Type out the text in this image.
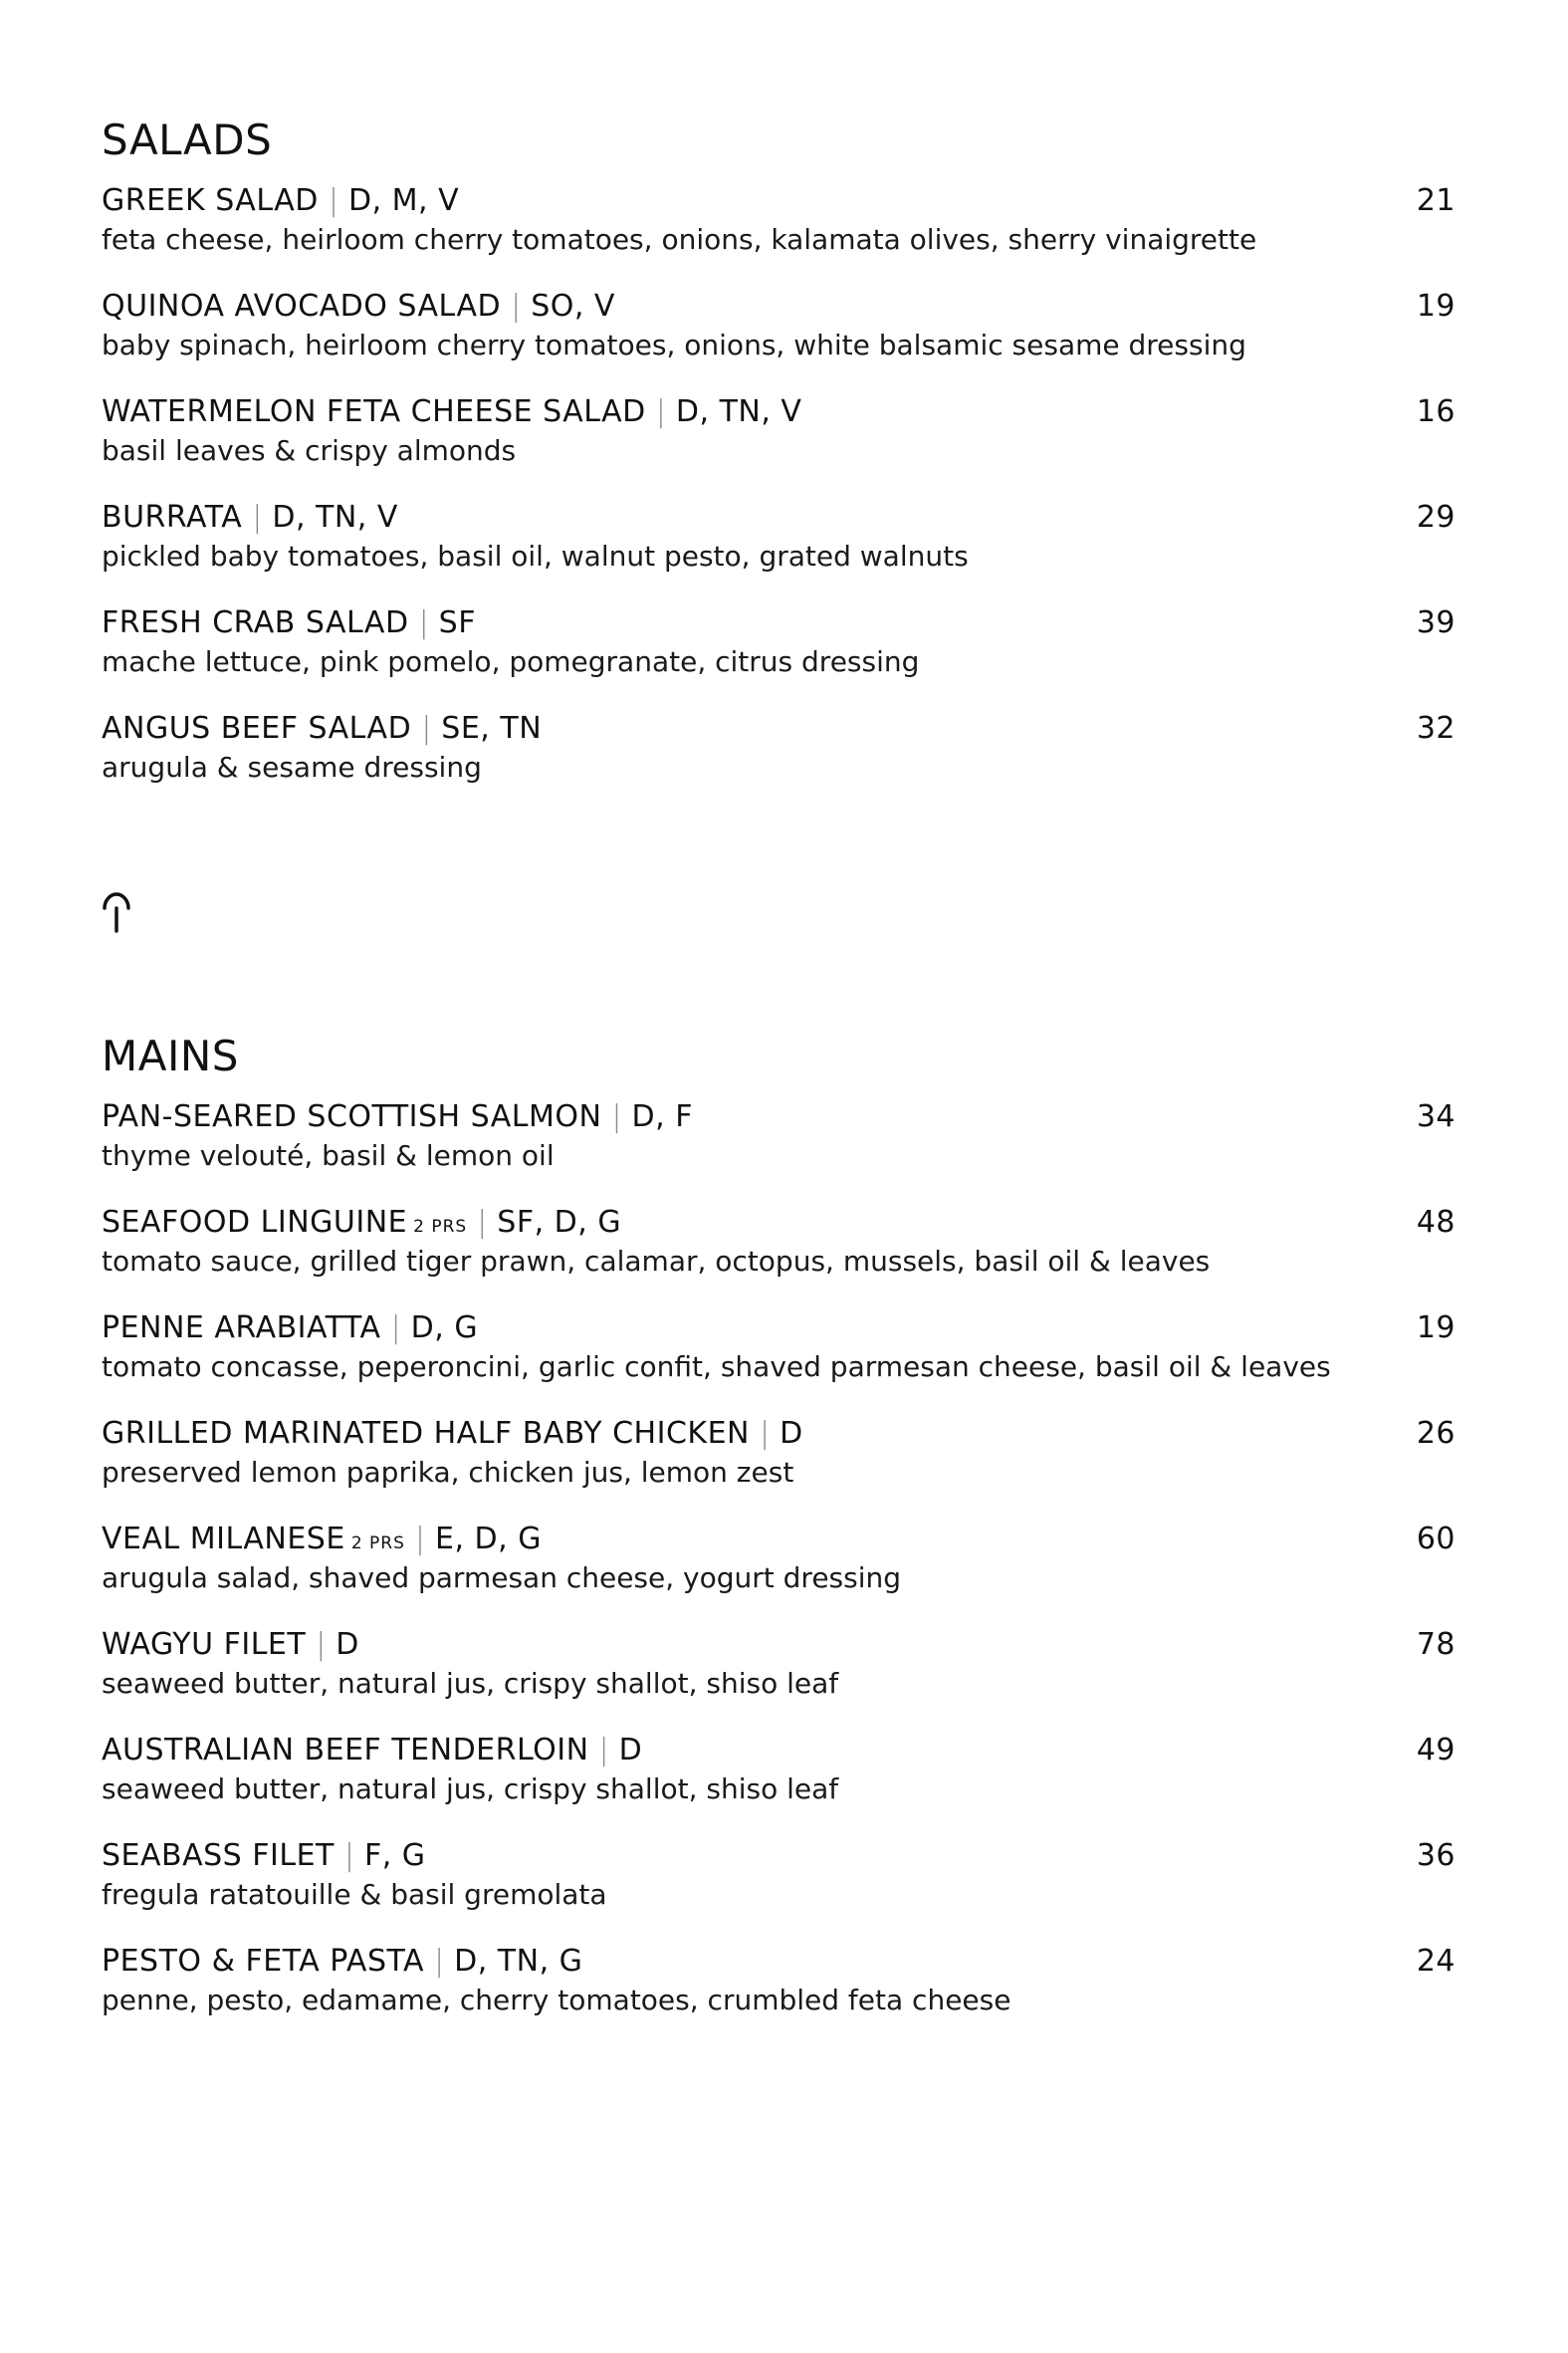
SALADS
GREEK SALAD | D, M, V	21
feta cheese, heirloom cherry tomatoes, onions, kalamata olives, sherry vinaigrette
QUINOA AVOCADO SALAD | SO, V	19
baby spinach, heirloom cherry tomatoes, onions, white balsamic sesame dressing
WATERMELON FETA CHEESE SALAD | D, TN, V	16
basil leaves & crispy almonds
BURRATA | D, TN, V	29
pickled baby tomatoes, basil oil, walnut pesto, grated walnuts
FRESH CRAB SALAD | SF	39
mache lettuce, pink pomelo, pomegranate, citrus dressing
ANGUS BEEF SALAD | SE, TN	32
arugula & sesame dressing
MAINS
PAN-SEARED SCOTTISH SALMON | D, F	34
thyme velouté, basil & lemon oil
SEAFOOD LINGUINE 2 PRS | SF, D, G	48
tomato sauce, grilled tiger prawn, calamar, octopus, mussels, basil oil & leaves
PENNE ARABIATTA | D, G	19
tomato concasse, peperoncini, garlic confit, shaved parmesan cheese, basil oil & leaves
GRILLED MARINATED HALF BABY CHICKEN | D	26
preserved lemon paprika, chicken jus, lemon zest
VEAL MILANESE 2 PRS | E, D, G	60
arugula salad, shaved parmesan cheese, yogurt dressing
WAGYU FILET | D	78
seaweed butter, natural jus, crispy shallot, shiso leaf
AUSTRALIAN BEEF TENDERLOIN | D	49
seaweed butter, natural jus, crispy shallot, shiso leaf
SEABASS FILET | F, G	36
fregula ratatouille & basil gremolata
PESTO & FETA PASTA | D, TN, G	24
penne, pesto, edamame, cherry tomatoes, crumbled feta cheese
